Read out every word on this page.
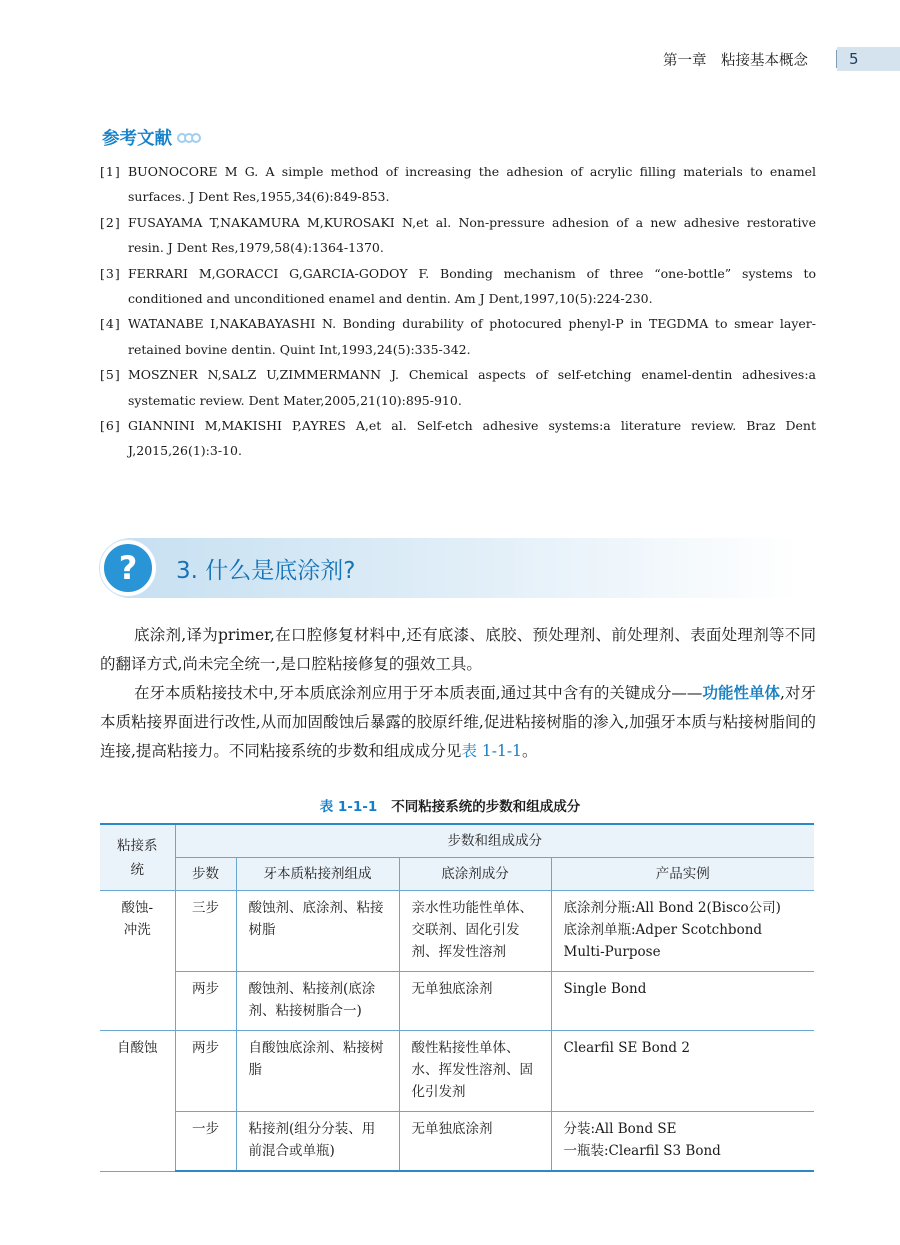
第一章　粘接基本概念	5
参考文献
[1] BUONOCORE M G. A simple method of increasing the adhesion of acrylic filling materials to enamel surfaces. J Dent Res,1955,34(6):849-853.
[2] FUSAYAMA T,NAKAMURA M,KUROSAKI N,et al. Non-pressure adhesion of a new adhesive restorative resin. J Dent Res,1979,58(4):1364-1370.
[3] FERRARI M,GORACCI G,GARCIA-GODOY F. Bonding mechanism of three “one-bottle” systems to conditioned and unconditioned enamel and dentin. Am J Dent,1997,10(5):224-230.
[4] WATANABE I,NAKABAYASHI N. Bonding durability of photocured phenyl-P in TEGDMA to smear layer-retained bovine dentin. Quint Int,1993,24(5):335-342.
[5] MOSZNER N,SALZ U,ZIMMERMANN J. Chemical aspects of self-etching enamel-dentin adhesives:a systematic review. Dent Mater,2005,21(10):895-910.
[6] GIANNINI M,MAKISHI P,AYRES A,et al. Self-etch adhesive systems:a literature review. Braz Dent J,2015,26(1):3-10.
?	3. 什么是底涂剂?

底涂剂,译为primer,在口腔修复材料中,还有底漆、底胶、预处理剂、前处理剂、表面处理剂等不同的翻译方式,尚未完全统一,是口腔粘接修复的强效工具。

在牙本质粘接技术中,牙本质底涂剂应用于牙本质表面,通过其中含有的关键成分——功能性单体,对牙本质粘接界面进行改性,从而加固酸蚀后暴露的胶原纤维,促进粘接树脂的渗入,加强牙本质与粘接树脂间的连接,提高粘接力。不同粘接系统的步数和组成成分见表 1-1-1。

表 1-1-1 不同粘接系统的步数和组成成分
粘接系统	步数和组成成分			
	步数	牙本质粘接剂组成	底涂剂成分	产品实例
酸蚀-冲洗	三步	酸蚀剂、底涂剂、粘接树脂	亲水性功能性单体、交联剂、固化引发剂、挥发性溶剂	底涂剂分瓶:All Bond 2(Bisco公司)
底涂剂单瓶:Adper Scotchbond Multi-Purpose
	两步	酸蚀剂、粘接剂(底涂剂、粘接树脂合一)	无单独底涂剂	Single Bond
自酸蚀	两步	自酸蚀底涂剂、粘接树脂	酸性粘接性单体、水、挥发性溶剂、固化引发剂	Clearfil SE Bond 2
	一步	粘接剂(组分分装、用前混合或单瓶)	无单独底涂剂	分装:All Bond SE
一瓶装:Clearfil S3 Bond
